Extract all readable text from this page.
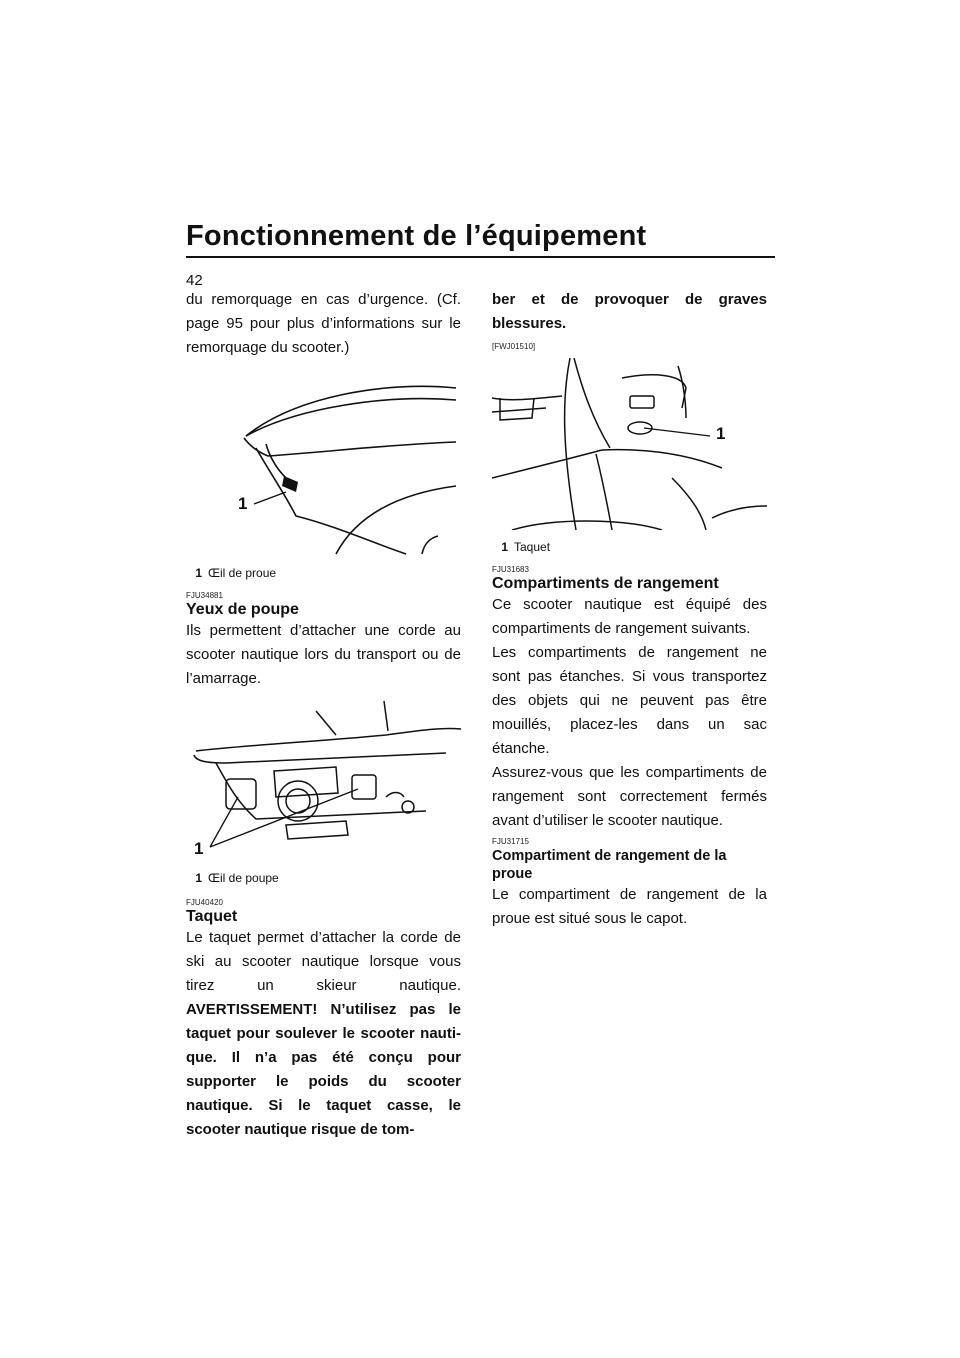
Fonctionnement de l’équipement
42

du remorquage en cas d’urgence. (Cf. page 95 pour plus d’informations sur le remorquage du scooter.)

1

1 Œil de proue

FJU34881

Yeux de poupe

Ils permettent d’attacher une corde au scooter nautique lors du transport ou de l’amarrage.

1

1 Œil de poupe

FJU40420

Taquet

Le taquet permet d’attacher la corde de ski au scooter nautique lorsque vous tirez un skieur nautique. AVERTISSEMENT! N’utilisez pas le taquet pour soulever le scooter nautique. Il n’a pas été conçu pour supporter le poids du scooter nautique. Si le taquet casse, le scooter nautique risque de tom-

ber et de provoquer de graves blessures.

[FWJ01510]

1

1 Taquet

FJU31683

Compartiments de rangement

Ce scooter nautique est équipé des compartiments de rangement suivants.

Les compartiments de rangement ne sont pas étanches. Si vous transportez des objets qui ne peuvent pas être mouillés, placez-les dans un sac étanche.

Assurez-vous que les compartiments de rangement sont correctement fermés avant d’utiliser le scooter nautique.

FJU31715

Compartiment de rangement de la proue

Le compartiment de rangement de la proue est situé sous le capot.
